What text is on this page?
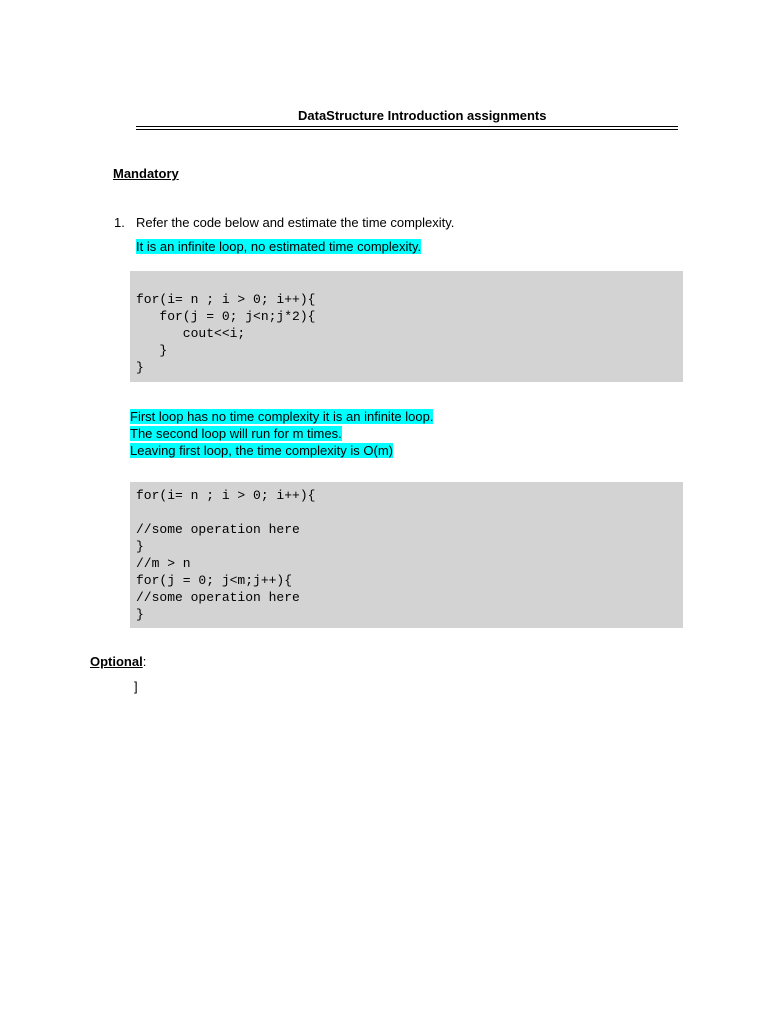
DataStructure Introduction assignments
Mandatory
1. Refer the code below and estimate the time complexity.
It is an infinite loop, no estimated time complexity.
for(i= n ; i > 0; i++){
for(j = 0; j<n;j*2){
cout<<i;
}
}
First loop has no time complexity it is an infinite loop.
The second loop will run for m times.
Leaving first loop, the time complexity is O(m)
for(i= n ; i > 0; i++){

//some operation here
}
//m > n
for(j = 0; j<m;j++){
//some operation here
}
Optional:
]
